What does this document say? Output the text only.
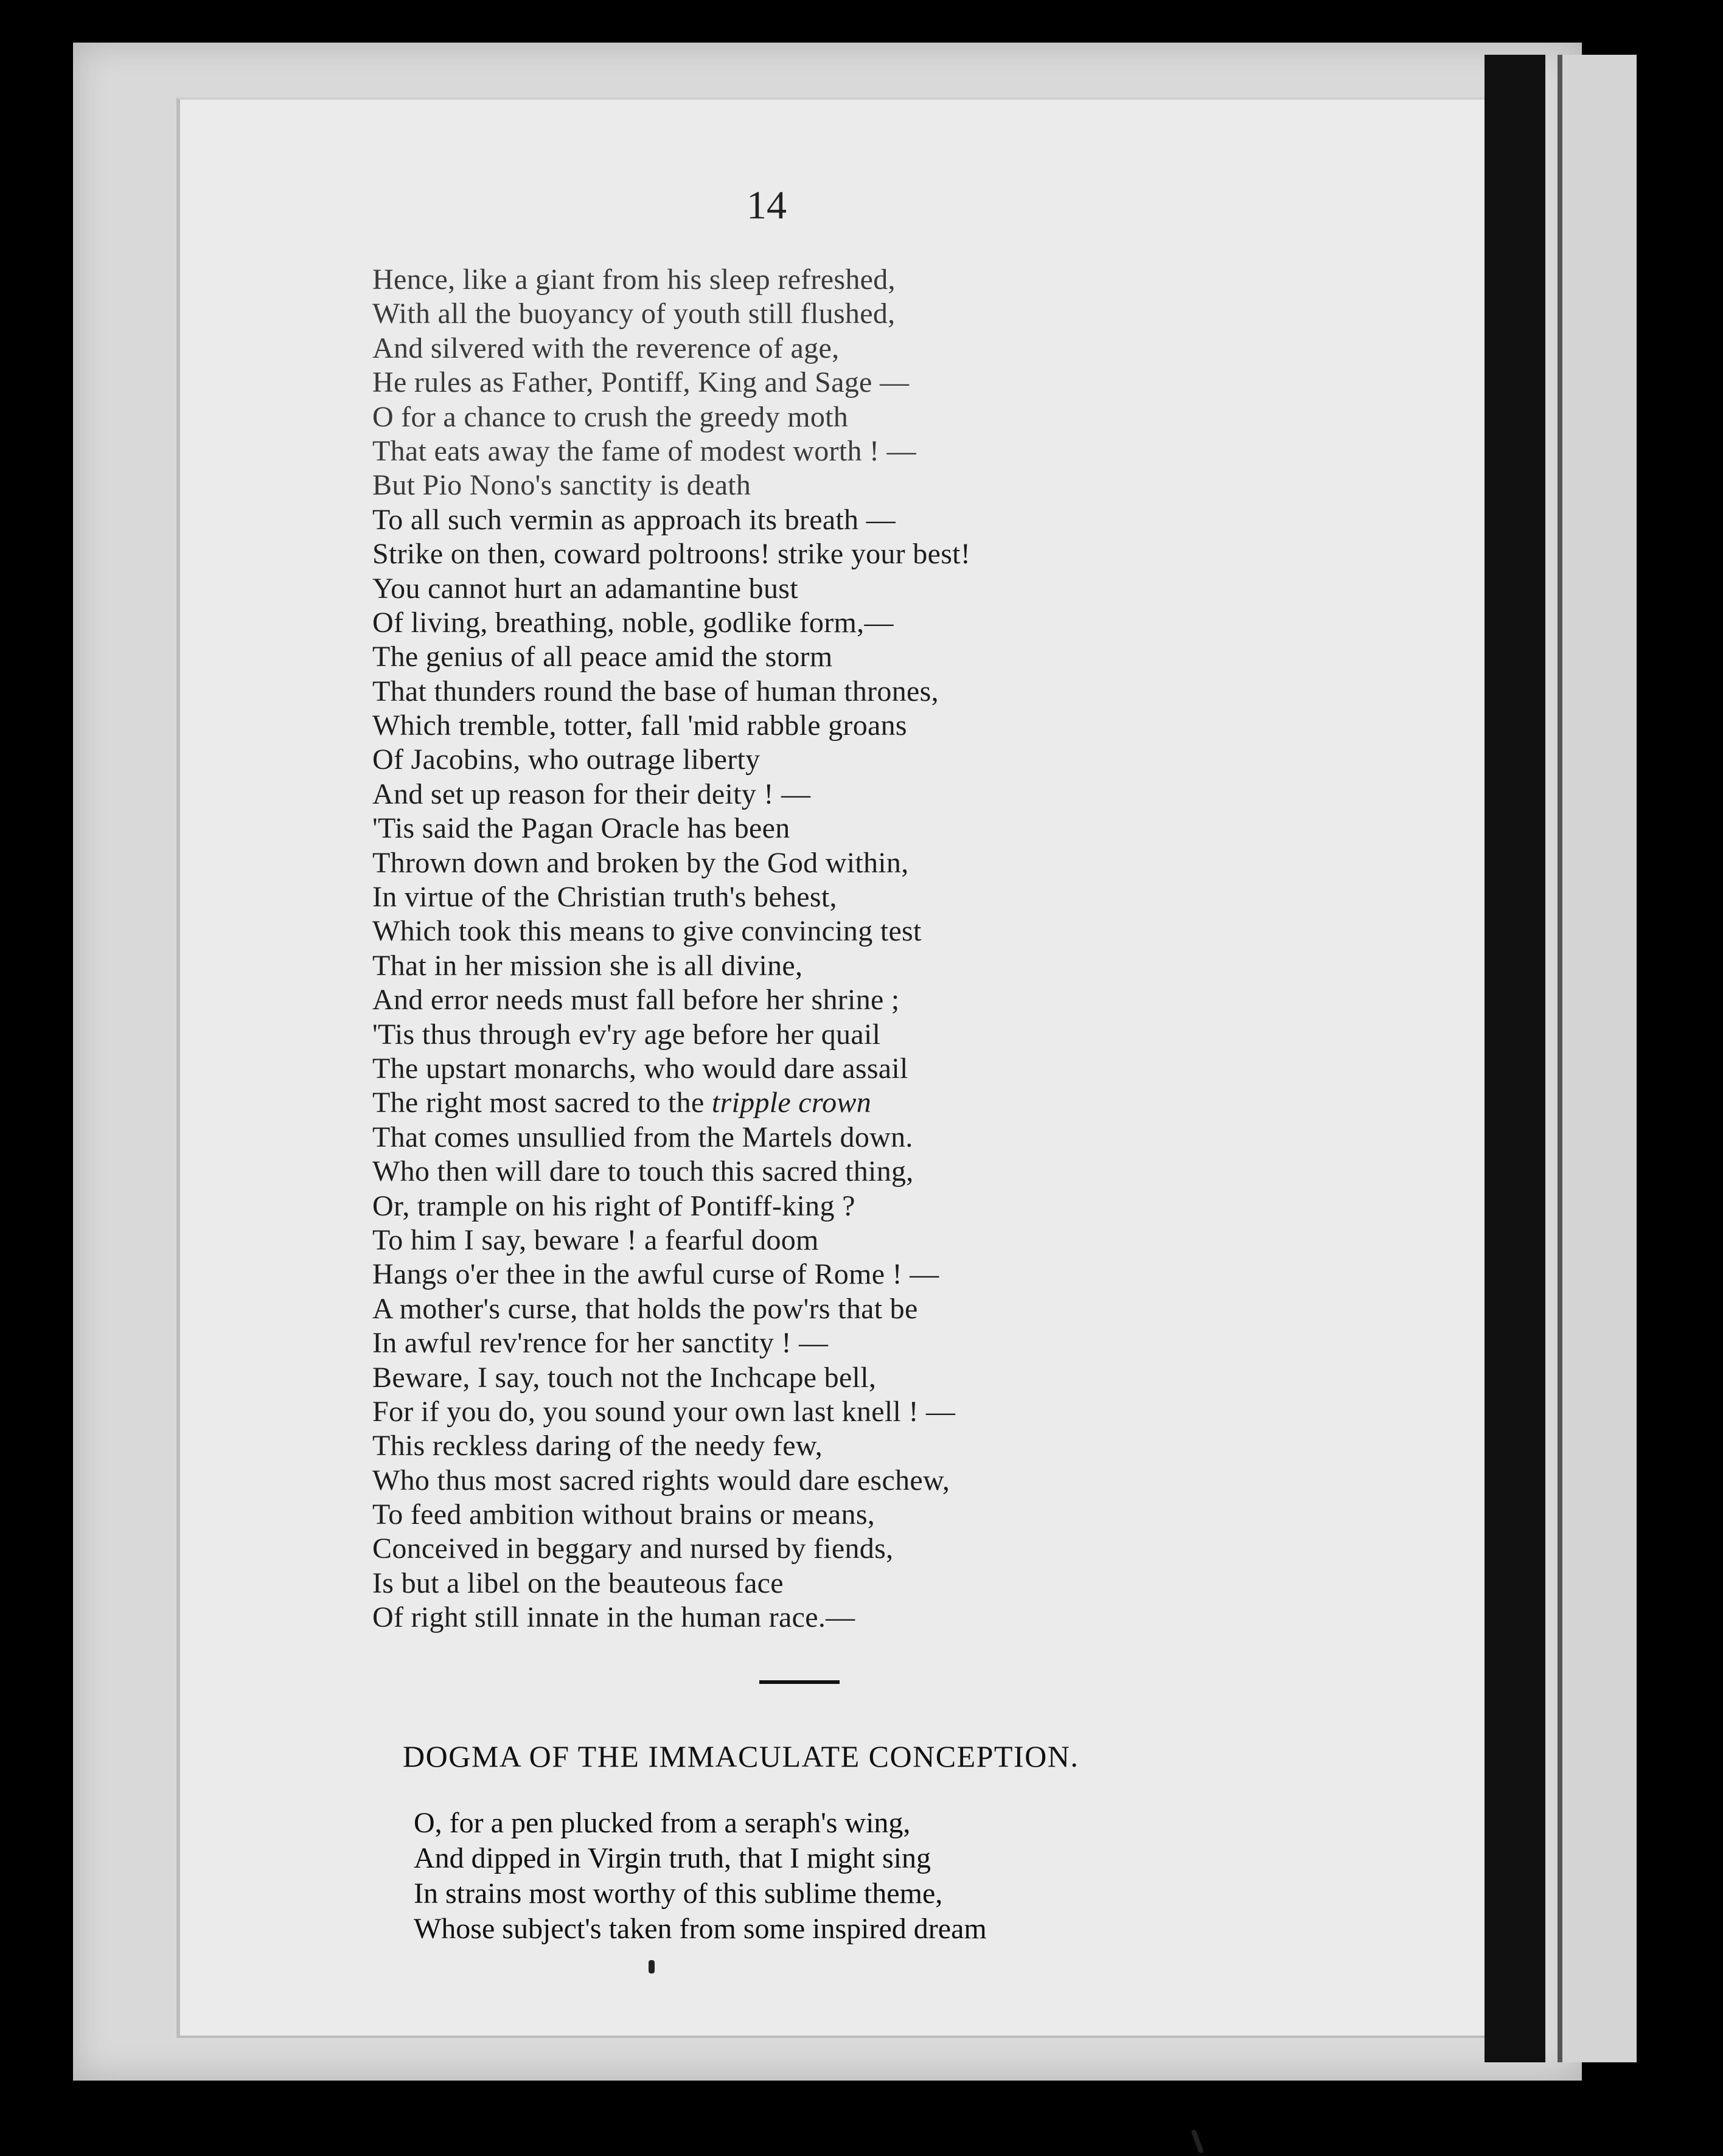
14
Hence, like a giant from his sleep refreshed,
With all the buoyancy of youth still flushed,
And silvered with the reverence of age,
He rules as Father, Pontiff, King and Sage —
O for a chance to crush the greedy moth
That eats away the fame of modest worth ! —
But Pio Nono's sanctity is death
To all such vermin as approach its breath —
Strike on then, coward poltroons! strike your best!
You cannot hurt an adamantine bust
Of living, breathing, noble, godlike form,—
The genius of all peace amid the storm
That thunders round the base of human thrones,
Which tremble, totter, fall 'mid rabble groans
Of Jacobins, who outrage liberty
And set up reason for their deity ! —
'Tis said the Pagan Oracle has been
Thrown down and broken by the God within,
In virtue of the Christian truth's behest,
Which took this means to give convincing test
That in her mission she is all divine,
And error needs must fall before her shrine ;
'Tis thus through ev'ry age before her quail
The upstart monarchs, who would dare assail
The right most sacred to the tripple crown
That comes unsullied from the Martels down.
Who then will dare to touch this sacred thing,
Or, trample on his right of Pontiff-king ?
To him I say, beware ! a fearful doom
Hangs o'er thee in the awful curse of Rome ! —
A mother's curse, that holds the pow'rs that be
In awful rev'rence for her sanctity ! —
Beware, I say, touch not the Inchcape bell,
For if you do, you sound your own last knell ! —
This reckless daring of the needy few,
Who thus most sacred rights would dare eschew,
To feed ambition without brains or means,
Conceived in beggary and nursed by fiends,
Is but a libel on the beauteous face
Of right still innate in the human race.—
DOGMA OF THE IMMACULATE CONCEPTION.
O, for a pen plucked from a seraph's wing,
And dipped in Virgin truth, that I might sing
In strains most worthy of this sublime theme,
Whose subject's taken from some inspired dream
